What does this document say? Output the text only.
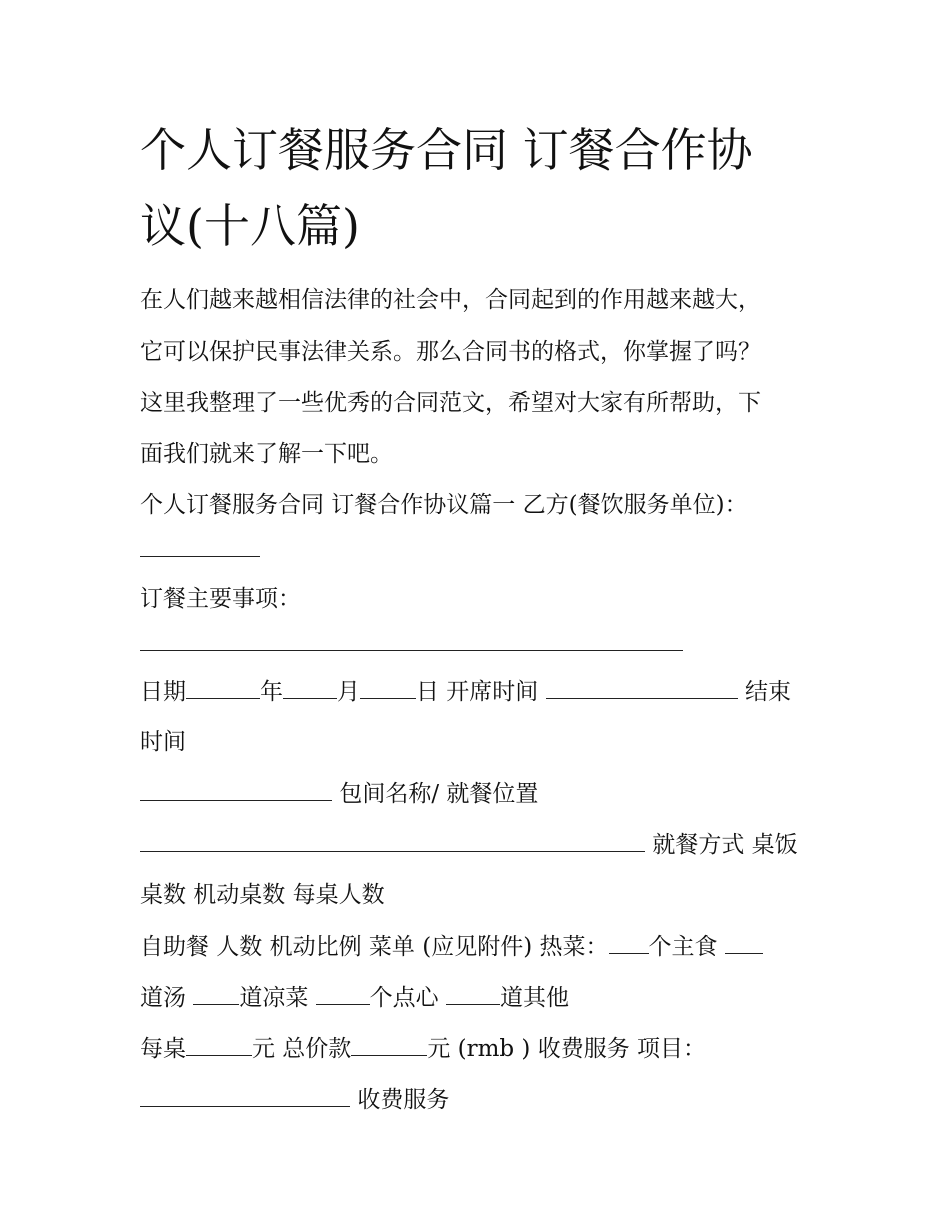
个人订餐服务合同 订餐合作协
议(十八篇)

在人们越来越相信法律的社会中，合同起到的作用越来越大，

它可以保护民事法律关系。那么合同书的格式，你掌握了吗？

这里我整理了一些优秀的合同范文，希望对大家有所帮助，下

面我们就来了解一下吧。

个人订餐服务合同 订餐合作协议篇一 乙方(餐饮服务单位)：

订餐主要事项：

日期	年 月 日 开席时间	结束

时间

包间名称/ 就餐位置

就餐方式 桌饭

桌数 机动桌数 每桌人数

自助餐 人数 机动比例 菜单 (应见附件) 热菜： 个主食

道汤 道凉菜	个点心	道其他

每桌	元 总价款	元 (rmb ) 收费服务 项目：

收费服务
